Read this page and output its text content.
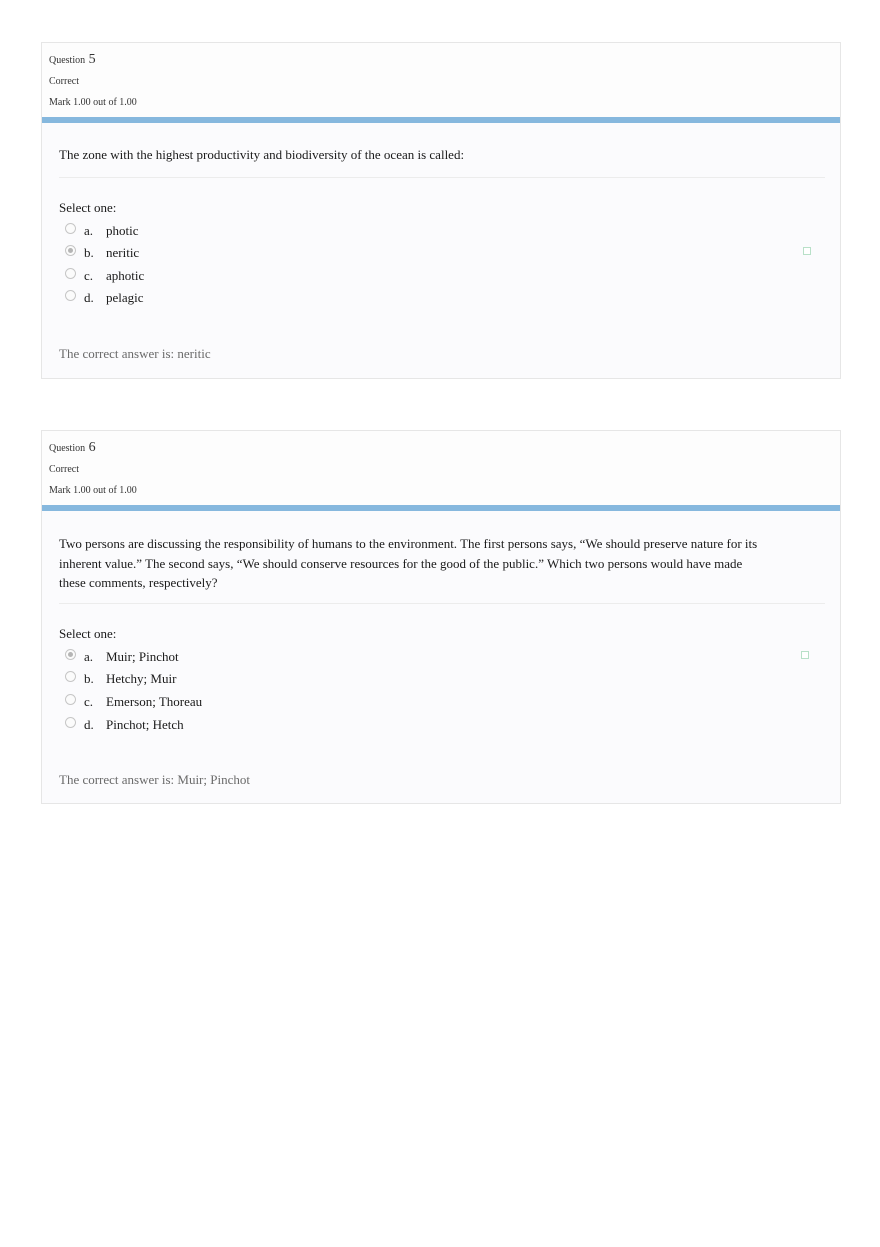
Question 5
Correct
Mark 1.00 out of 1.00
The zone with the highest productivity and biodiversity of the ocean is called:
Select one:
a. photic
b. neritic
c. aphotic
d. pelagic
The correct answer is: neritic
Question 6
Correct
Mark 1.00 out of 1.00
Two persons are discussing the responsibility of humans to the environment. The first persons says, “We should preserve nature for its
inherent value.” The second says, “We should conserve resources for the good of the public.” Which two persons would have made
these comments, respectively?
Select one:
a. Muir; Pinchot
b. Hetchy; Muir
c. Emerson; Thoreau
d. Pinchot; Hetch
The correct answer is: Muir; Pinchot
